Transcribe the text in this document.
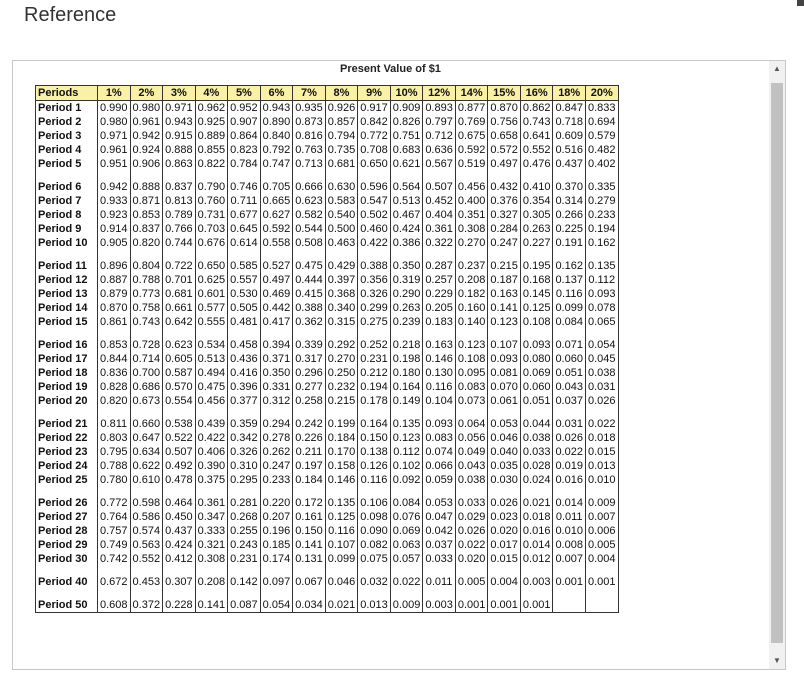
Reference
Present Value of $1
Periods	1%	2%	3%	4%	5%	6%	7%	8%	9%	10%	12%	14%	15%	16%	18%	20%
Period 1	0.990	0.980	0.971	0.962	0.952	0.943	0.935	0.926	0.917	0.909	0.893	0.877	0.870	0.862	0.847	0.833
Period 2	0.980	0.961	0.943	0.925	0.907	0.890	0.873	0.857	0.842	0.826	0.797	0.769	0.756	0.743	0.718	0.694
Period 3	0.971	0.942	0.915	0.889	0.864	0.840	0.816	0.794	0.772	0.751	0.712	0.675	0.658	0.641	0.609	0.579
Period 4	0.961	0.924	0.888	0.855	0.823	0.792	0.763	0.735	0.708	0.683	0.636	0.592	0.572	0.552	0.516	0.482
Period 5	0.951	0.906	0.863	0.822	0.784	0.747	0.713	0.681	0.650	0.621	0.567	0.519	0.497	0.476	0.437	0.402

Period 6	0.942	0.888	0.837	0.790	0.746	0.705	0.666	0.630	0.596	0.564	0.507	0.456	0.432	0.410	0.370	0.335
Period 7	0.933	0.871	0.813	0.760	0.711	0.665	0.623	0.583	0.547	0.513	0.452	0.400	0.376	0.354	0.314	0.279
Period 8	0.923	0.853	0.789	0.731	0.677	0.627	0.582	0.540	0.502	0.467	0.404	0.351	0.327	0.305	0.266	0.233
Period 9	0.914	0.837	0.766	0.703	0.645	0.592	0.544	0.500	0.460	0.424	0.361	0.308	0.284	0.263	0.225	0.194
Period 10	0.905	0.820	0.744	0.676	0.614	0.558	0.508	0.463	0.422	0.386	0.322	0.270	0.247	0.227	0.191	0.162

Period 11	0.896	0.804	0.722	0.650	0.585	0.527	0.475	0.429	0.388	0.350	0.287	0.237	0.215	0.195	0.162	0.135
Period 12	0.887	0.788	0.701	0.625	0.557	0.497	0.444	0.397	0.356	0.319	0.257	0.208	0.187	0.168	0.137	0.112
Period 13	0.879	0.773	0.681	0.601	0.530	0.469	0.415	0.368	0.326	0.290	0.229	0.182	0.163	0.145	0.116	0.093
Period 14	0.870	0.758	0.661	0.577	0.505	0.442	0.388	0.340	0.299	0.263	0.205	0.160	0.141	0.125	0.099	0.078
Period 15	0.861	0.743	0.642	0.555	0.481	0.417	0.362	0.315	0.275	0.239	0.183	0.140	0.123	0.108	0.084	0.065

Period 16	0.853	0.728	0.623	0.534	0.458	0.394	0.339	0.292	0.252	0.218	0.163	0.123	0.107	0.093	0.071	0.054
Period 17	0.844	0.714	0.605	0.513	0.436	0.371	0.317	0.270	0.231	0.198	0.146	0.108	0.093	0.080	0.060	0.045
Period 18	0.836	0.700	0.587	0.494	0.416	0.350	0.296	0.250	0.212	0.180	0.130	0.095	0.081	0.069	0.051	0.038
Period 19	0.828	0.686	0.570	0.475	0.396	0.331	0.277	0.232	0.194	0.164	0.116	0.083	0.070	0.060	0.043	0.031
Period 20	0.820	0.673	0.554	0.456	0.377	0.312	0.258	0.215	0.178	0.149	0.104	0.073	0.061	0.051	0.037	0.026

Period 21	0.811	0.660	0.538	0.439	0.359	0.294	0.242	0.199	0.164	0.135	0.093	0.064	0.053	0.044	0.031	0.022
Period 22	0.803	0.647	0.522	0.422	0.342	0.278	0.226	0.184	0.150	0.123	0.083	0.056	0.046	0.038	0.026	0.018
Period 23	0.795	0.634	0.507	0.406	0.326	0.262	0.211	0.170	0.138	0.112	0.074	0.049	0.040	0.033	0.022	0.015
Period 24	0.788	0.622	0.492	0.390	0.310	0.247	0.197	0.158	0.126	0.102	0.066	0.043	0.035	0.028	0.019	0.013
Period 25	0.780	0.610	0.478	0.375	0.295	0.233	0.184	0.146	0.116	0.092	0.059	0.038	0.030	0.024	0.016	0.010

Period 26	0.772	0.598	0.464	0.361	0.281	0.220	0.172	0.135	0.106	0.084	0.053	0.033	0.026	0.021	0.014	0.009
Period 27	0.764	0.586	0.450	0.347	0.268	0.207	0.161	0.125	0.098	0.076	0.047	0.029	0.023	0.018	0.011	0.007
Period 28	0.757	0.574	0.437	0.333	0.255	0.196	0.150	0.116	0.090	0.069	0.042	0.026	0.020	0.016	0.010	0.006
Period 29	0.749	0.563	0.424	0.321	0.243	0.185	0.141	0.107	0.082	0.063	0.037	0.022	0.017	0.014	0.008	0.005
Period 30	0.742	0.552	0.412	0.308	0.231	0.174	0.131	0.099	0.075	0.057	0.033	0.020	0.015	0.012	0.007	0.004

Period 40	0.672	0.453	0.307	0.208	0.142	0.097	0.067	0.046	0.032	0.022	0.011	0.005	0.004	0.003	0.001	0.001

Period 50	0.608	0.372	0.228	0.141	0.087	0.054	0.034	0.021	0.013	0.009	0.003	0.001	0.001	0.001		
▲
▼
